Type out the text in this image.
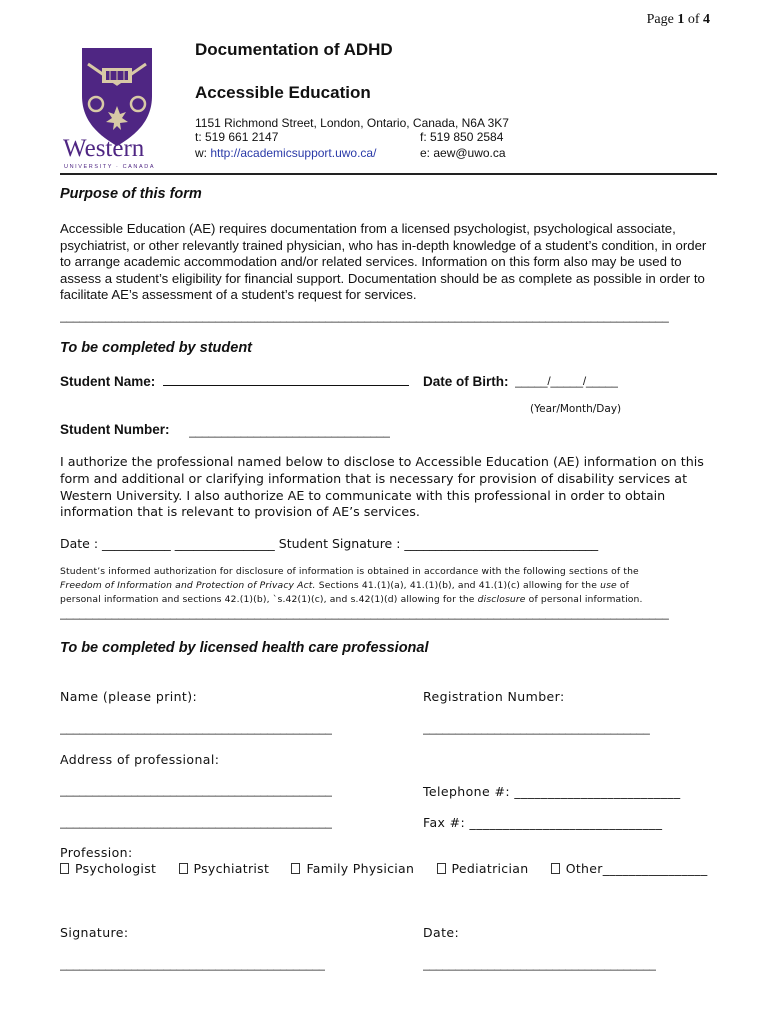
Page 1 of 4
Western
UNIVERSITY · CANADA
Documentation of ADHD
Accessible Education
1151 Richmond Street, London, Ontario, Canada, N6A 3K7
t: 519 661 2147	f: 519 850 2584
w: http://academicsupport.uwo.ca/	e: aew@uwo.ca
Purpose of this form
Accessible Education (AE) requires documentation from a licensed psychologist, psychological associate, psychiatrist, or other relevantly trained physician, who has in-depth knowledge of a student’s condition, in order to arrange academic accommodation and/or related services. Information on this form also may be used to assess a student’s eligibility for financial support. Documentation should be as complete as possible in order to facilitate AE’s assessment of a student’s request for services.
______________________________________________________________________________________________
To be completed by student
Student Name:	Date of Birth: _____/_____/_____
(Year/Month/Day)
Student Number: _______________________________
I authorize the professional named below to disclose to Accessible Education (AE) information on this form and additional or clarifying information that is necessary for provision of disability services at Western University. I also authorize AE to communicate with this professional in order to obtain information that is relevant to provision of AE’s services.
Date : ___________ ________________ Student Signature : _______________________________
Student’s informed authorization for disclosure of information is obtained in accordance with the following sections of the
Freedom of Information and Protection of Privacy Act. Sections 41.(1)(a), 41.(1)(b), and 41.(1)(c) allowing for the use of
personal information and sections 42.(1)(b), `s.42(1)(c), and s.42(1)(d) allowing for the disclosure of personal information.
______________________________________________________________________________________________
To be completed by licensed health care professional
Name (please print):	Registration Number:
__________________________________________	___________________________________
Address of professional:
__________________________________________	Telephone #: _________________________
__________________________________________	Fax #: _____________________________
Profession:
Psychologist	Psychiatrist	Family Physician	Pediatrician	Other________________
Signature:	Date:
_________________________________________	____________________________________
